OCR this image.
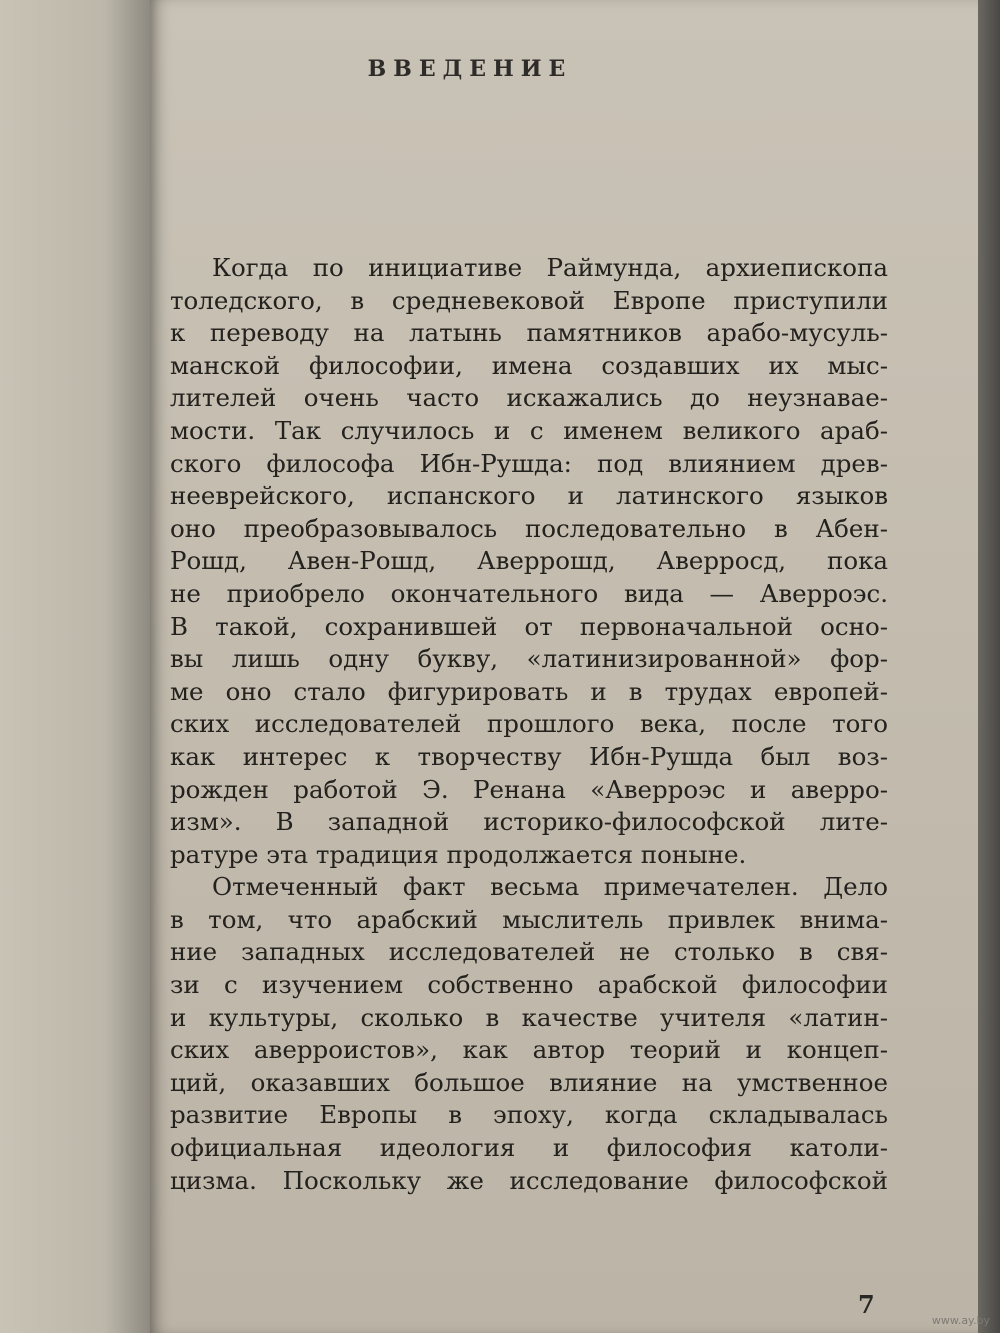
ВВЕДЕНИЕ
Когда по инициативе Раймунда, архиепископа
толедского, в средневековой Европе приступили
к переводу на латынь памятников арабо-мусуль-
манской философии, имена создавших их мыс-
лителей очень часто искажались до неузнавае-
мости. Так случилось и с именем великого араб-
ского философа Ибн-Рушда: под влиянием древ-
нееврейского, испанского и латинского языков
оно преобразовывалось последовательно в Абен-
Рошд, Авен-Рошд, Аверрошд, Аверросд, пока
не приобрело окончательного вида — Аверроэс.
В такой, сохранившей от первоначальной осно-
вы лишь одну букву, «латинизированной» фор-
ме оно стало фигурировать и в трудах европей-
ских исследователей прошлого века, после того
как интерес к творчеству Ибн-Рушда был воз-
рожден работой Э. Ренана «Аверроэс и аверро-
изм». В западной историко-философской лите-
ратуре эта традиция продолжается поныне.
Отмеченный факт весьма примечателен. Дело
в том, что арабский мыслитель привлек внима-
ние западных исследователей не столько в свя-
зи с изучением собственно арабской философии
и культуры, сколько в качестве учителя «латин-
ских аверроистов», как автор теорий и концеп-
ций, оказавших большое влияние на умственное
развитие Европы в эпоху, когда складывалась
официальная идеология и философия католи-
цизма. Поскольку же исследование философской
7
www.ay.by
